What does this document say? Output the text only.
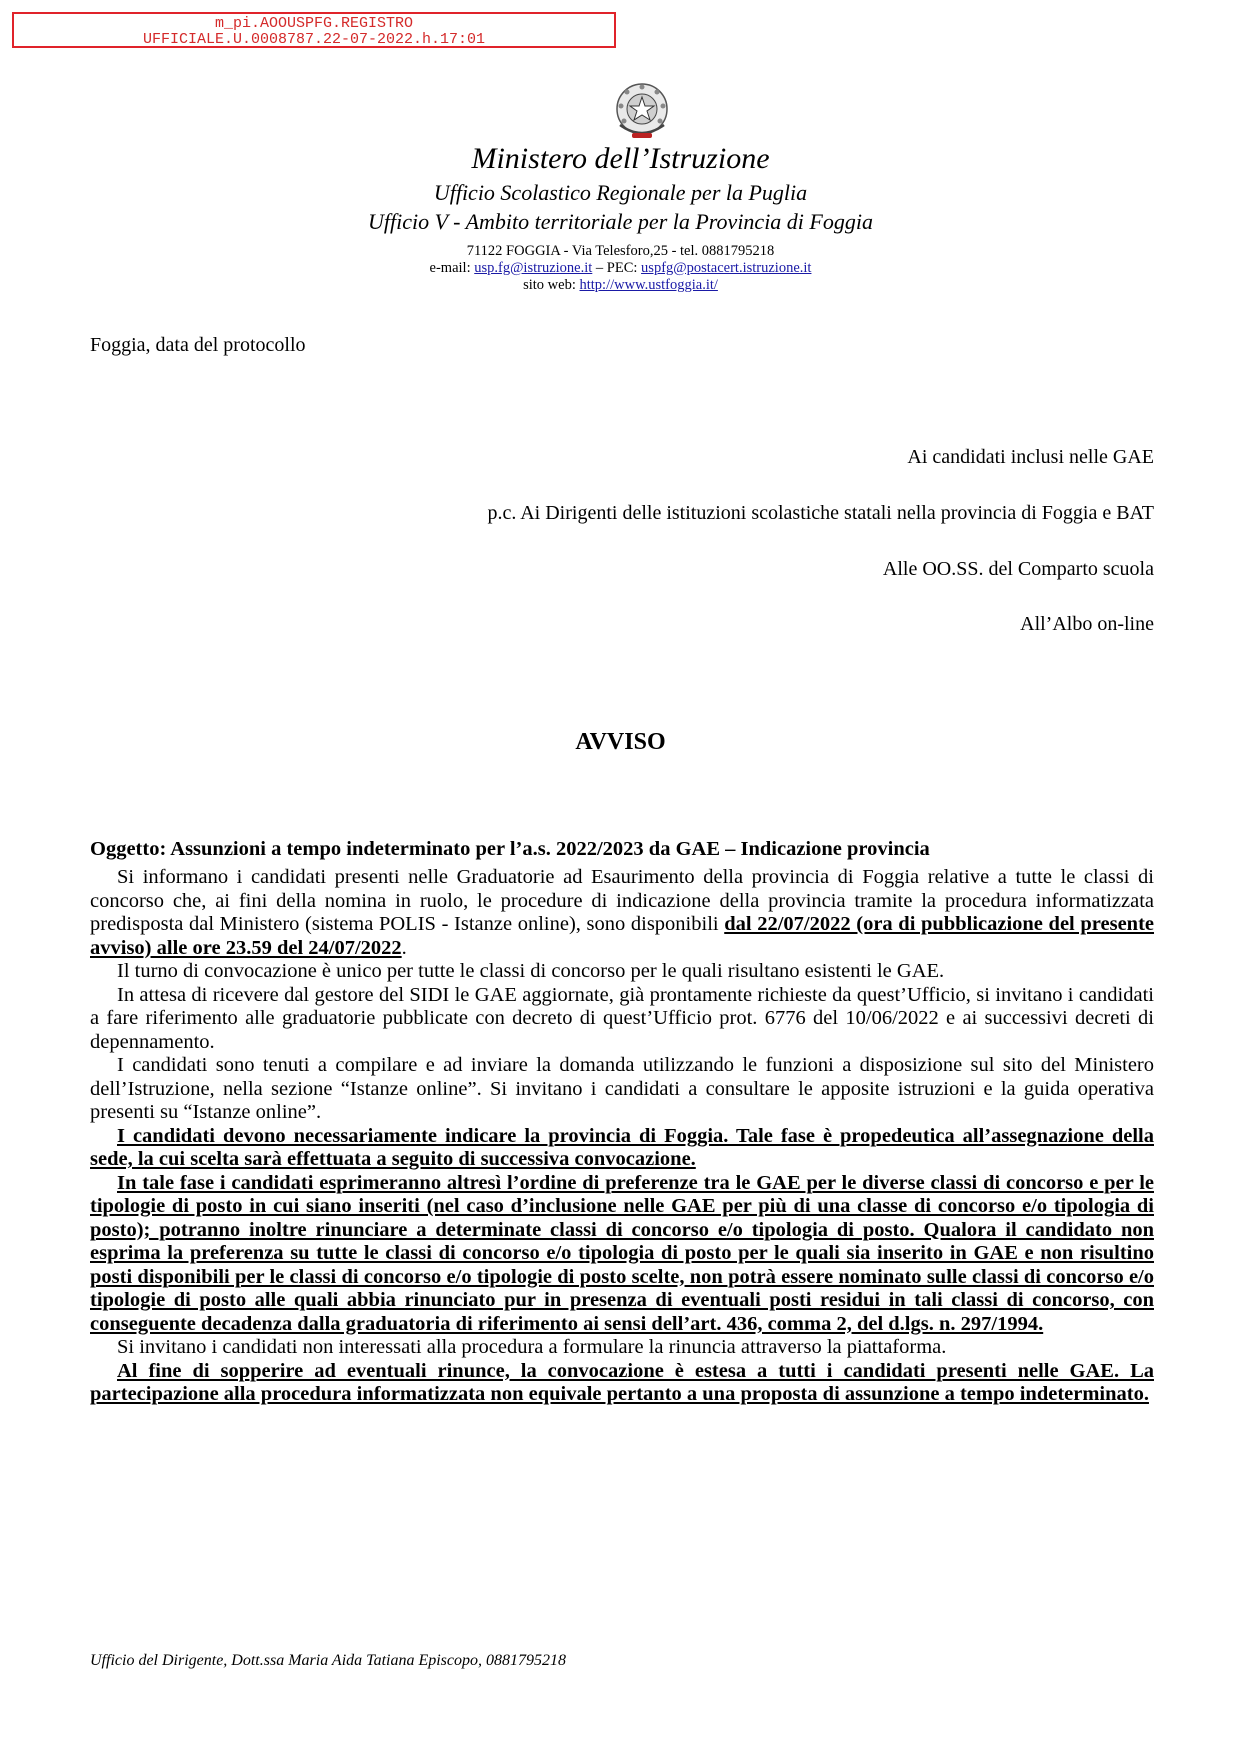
m_pi.AOOUSPFG.REGISTRO
UFFICIALE.U.0008787.22-07-2022.h.17:01
Ministero dell’Istruzione
Ufficio Scolastico Regionale per la Puglia
Ufficio V - Ambito territoriale per la Provincia di Foggia
71122 FOGGIA - Via Telesforo,25 - tel. 0881795218
e-mail: usp.fg@istruzione.it – PEC: uspfg@postacert.istruzione.it
sito web: http://www.ustfoggia.it/
Foggia, data del protocollo
Ai candidati inclusi nelle GAE
p.c. Ai Dirigenti delle istituzioni scolastiche statali nella provincia di Foggia e BAT
Alle OO.SS. del Comparto scuola
All’Albo on-line
AVVISO
Oggetto: Assunzioni a tempo indeterminato per l’a.s. 2022/2023 da GAE – Indicazione provincia

Si informano i candidati presenti nelle Graduatorie ad Esaurimento della provincia di Foggia relative a tutte le classi di concorso che, ai fini della nomina in ruolo, le procedure di indicazione della provincia tramite la procedura informatizzata predisposta dal Ministero (sistema POLIS - Istanze online), sono disponibili dal 22/07/2022 (ora di pubblicazione del presente avviso) alle ore 23.59 del 24/07/2022.

Il turno di convocazione è unico per tutte le classi di concorso per le quali risultano esistenti le GAE.

In attesa di ricevere dal gestore del SIDI le GAE aggiornate, già prontamente richieste da quest’Ufficio, si invitano i candidati a fare riferimento alle graduatorie pubblicate con decreto di quest’Ufficio prot. 6776 del 10/06/2022 e ai successivi decreti di depennamento.

I candidati sono tenuti a compilare e ad inviare la domanda utilizzando le funzioni a disposizione sul sito del Ministero dell’Istruzione, nella sezione “Istanze online”. Si invitano i candidati a consultare le apposite istruzioni e la guida operativa presenti su “Istanze online”.

I candidati devono necessariamente indicare la provincia di Foggia. Tale fase è propedeutica all’assegnazione della sede, la cui scelta sarà effettuata a seguito di successiva convocazione.

In tale fase i candidati esprimeranno altresì l’ordine di preferenze tra le GAE per le diverse classi di concorso e per le tipologie di posto in cui siano inseriti (nel caso d’inclusione nelle GAE per più di una classe di concorso e/o tipologia di posto); potranno inoltre rinunciare a determinate classi di concorso e/o tipologia di posto. Qualora il candidato non esprima la preferenza su tutte le classi di concorso e/o tipologia di posto per le quali sia inserito in GAE e non risultino posti disponibili per le classi di concorso e/o tipologie di posto scelte, non potrà essere nominato sulle classi di concorso e/o tipologie di posto alle quali abbia rinunciato pur in presenza di eventuali posti residui in tali classi di concorso, con conseguente decadenza dalla graduatoria di riferimento ai sensi dell’art. 436, comma 2, del d.lgs. n. 297/1994.

Si invitano i candidati non interessati alla procedura a formulare la rinuncia attraverso la piattaforma.

Al fine di sopperire ad eventuali rinunce, la convocazione è estesa a tutti i candidati presenti nelle GAE. La partecipazione alla procedura informatizzata non equivale pertanto a una proposta di assunzione a tempo indeterminato.

Ufficio del Dirigente, Dott.ssa Maria Aida Tatiana Episcopo, 0881795218
